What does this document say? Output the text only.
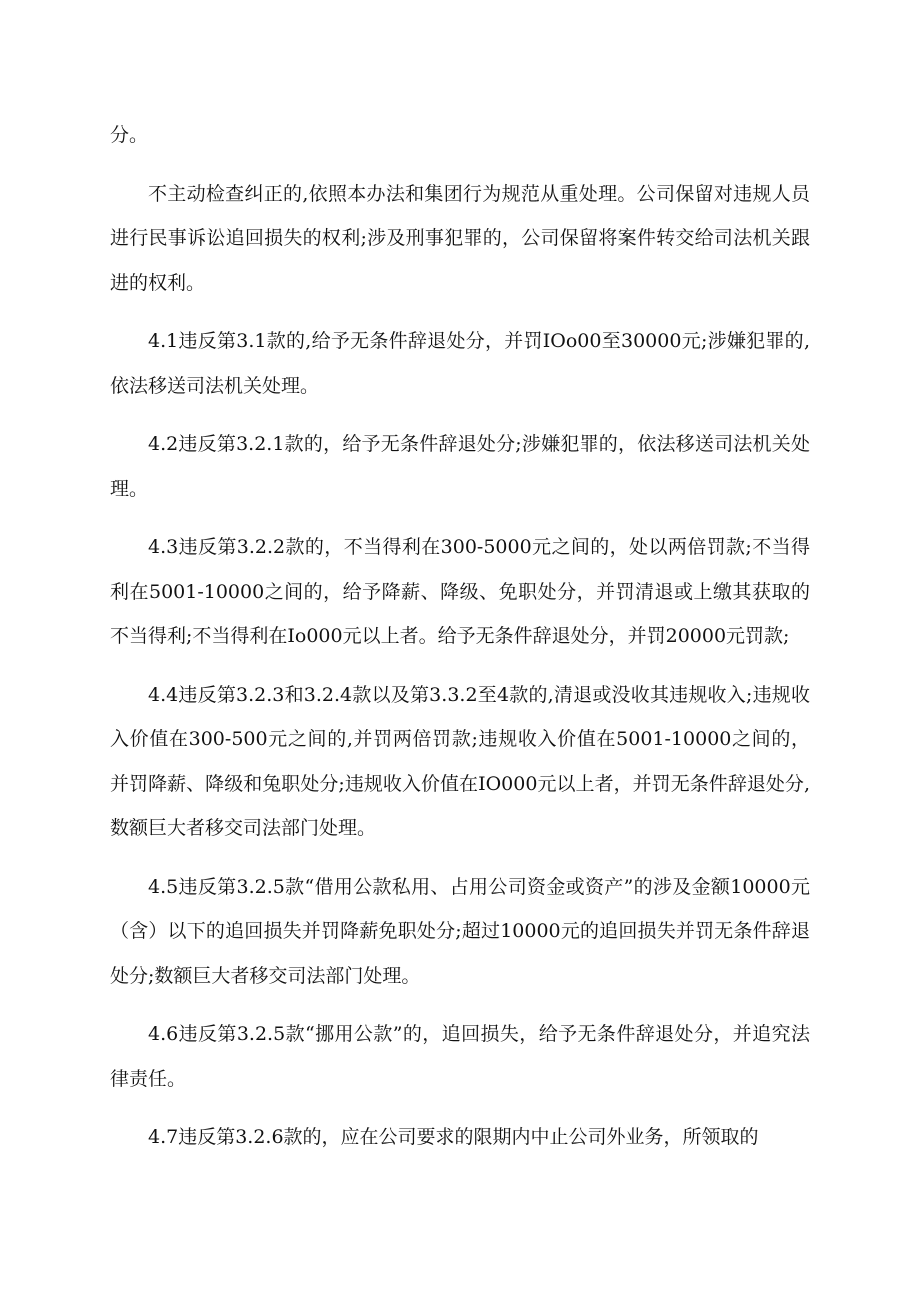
分。

不主动检查纠正的,依照本办法和集团行为规范从重处理。公司保留对违规人员进行民事诉讼追回损失的权利;涉及刑事犯罪的，公司保留将案件转交给司法机关跟进的权利。

4.1违反第3.1款的,给予无条件辞退处分，并罚IOo00至30000元;涉嫌犯罪的,依法移送司法机关处理。

4.2违反第3.2.1款的，给予无条件辞退处分;涉嫌犯罪的，依法移送司法机关处理。

4.3违反第3.2.2款的，不当得利在300-5000元之间的，处以两倍罚款;不当得利在5001-10000之间的，给予降薪、降级、免职处分，并罚清退或上缴其获取的不当得利;不当得利在Io000元以上者。给予无条件辞退处分，并罚20000元罚款;

4.4违反第3.2.3和3.2.4款以及第3.3.2至4款的,清退或没收其违规收入;违规收入价值在300-500元之间的,并罚两倍罚款;违规收入价值在5001-10000之间的，并罚降薪、降级和兔职处分;违规收入价值在IO000元以上者，并罚无条件辞退处分,数额巨大者移交司法部门处理。

4.5违反第3.2.5款“借用公款私用、占用公司资金或资产”的涉及金额10000元（含）以下的追回损失并罚降薪免职处分;超过10000元的追回损失并罚无条件辞退处分;数额巨大者移交司法部门处理。

4.6违反第3.2.5款“挪用公款”的，追回损失，给予无条件辞退处分，并追究法律责任。

4.7违反第3.2.6款的，应在公司要求的限期内中止公司外业务，所领取的
